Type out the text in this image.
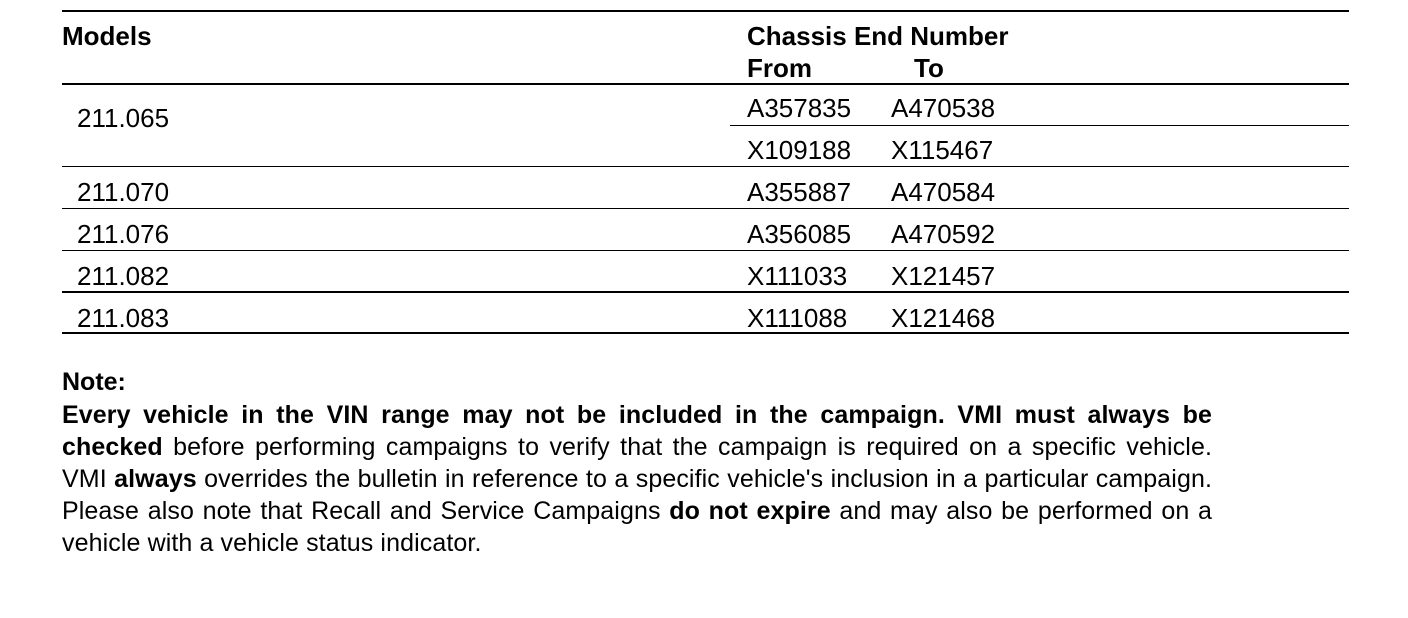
Models	Chassis End Number
From	To
211.065	A357835 A470538
X109188 X115467
211.070	A355887 A470584
211.076	A356085 A470592
211.082	X111033 X121457
211.083	X111088 X121468
Note:
Every vehicle in the VIN range may not be included in the campaign. VMI must always be checked before performing campaigns to verify that the campaign is required on a specific vehicle. VMI always overrides the bulletin in reference to a specific vehicle's inclusion in a particular campaign. Please also note that Recall and Service Campaigns do not expire and may also be performed on a vehicle with a vehicle status indicator.
